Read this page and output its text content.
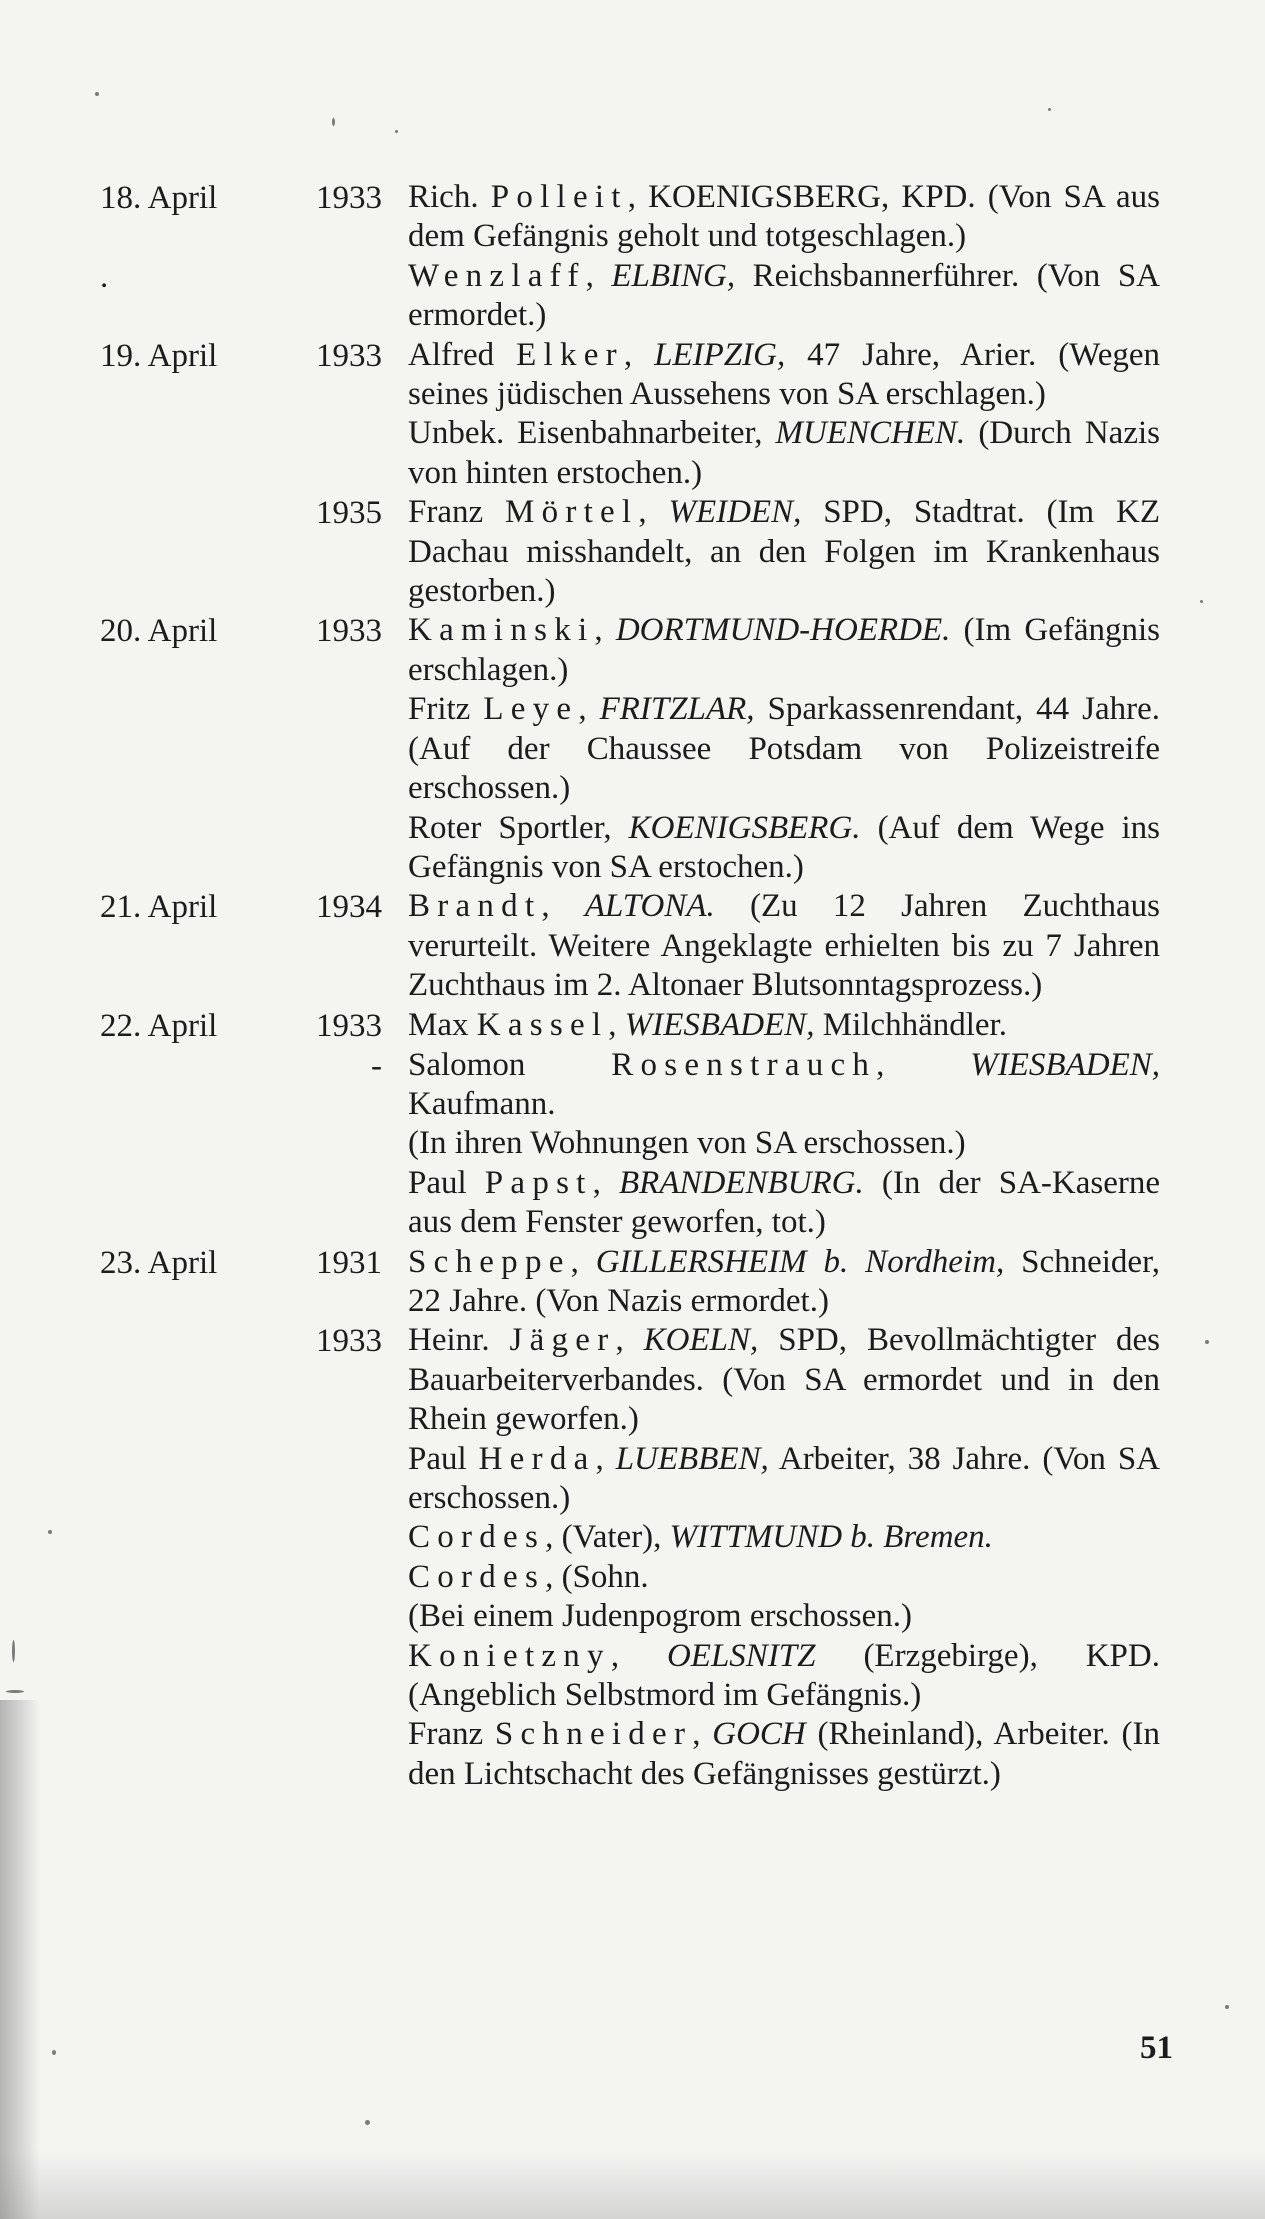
18. April	1933 Rich. Polleit, KOENIGSBERG, KPD. (Von SA aus dem Gefängnis geholt und totgeschlagen.)
.	Wenzlaff, ELBING, Reichsbannerführer. (Von SA ermordet.)
19. April	1933 Alfred Elker, LEIPZIG, 47 Jahre, Arier. (Wegen seines jüdischen Aussehens von SA erschlagen.)
Unbek. Eisenbahnarbeiter, MUENCHEN. (Durch Nazis von hinten erstochen.)
1935 Franz Mörtel, WEIDEN, SPD, Stadtrat. (Im KZ Dachau misshandelt, an den Folgen im Krankenhaus gestorben.)
20. April	1933 Kaminski, DORTMUND-HOERDE. (Im Gefängnis erschlagen.)
Fritz Leye, FRITZLAR, Sparkassenrendant, 44 Jahre. (Auf der Chaussee Potsdam von Polizeistreife erschossen.)
Roter Sportler, KOENIGSBERG. (Auf dem Wege ins Gefängnis von SA erstochen.)
21. April	1934 Brandt, ALTONA. (Zu 12 Jahren Zuchthaus verurteilt. Weitere Angeklagte erhielten bis zu 7 Jahren Zuchthaus im 2. Altonaer Blutsonntagsprozess.)
22. April	1933 Max Kassel, WIESBADEN, Milchhändler.
- Salomon Rosenstrauch, WIESBADEN, Kaufmann.
(In ihren Wohnungen von SA erschossen.)
Paul Papst, BRANDENBURG. (In der SA-Kaserne aus dem Fenster geworfen, tot.)
23. April	1931 Scheppe, GILLERSHEIM b. Nordheim, Schneider, 22 Jahre. (Von Nazis ermordet.)
1933 Heinr. Jäger, KOELN, SPD, Bevollmächtigter des Bauarbeiterverbandes. (Von SA ermordet und in den Rhein geworfen.)
Paul Herda, LUEBBEN, Arbeiter, 38 Jahre. (Von SA erschossen.)
Cordes, (Vater), WITTMUND b. Bremen.
Cordes, (Sohn.
(Bei einem Judenpogrom erschossen.)
Konietzny, OELSNITZ (Erzgebirge), KPD. (Angeblich Selbstmord im Gefängnis.)
Franz Schneider, GOCH (Rheinland), Arbeiter. (In den Lichtschacht des Gefängnisses gestürzt.)
51
